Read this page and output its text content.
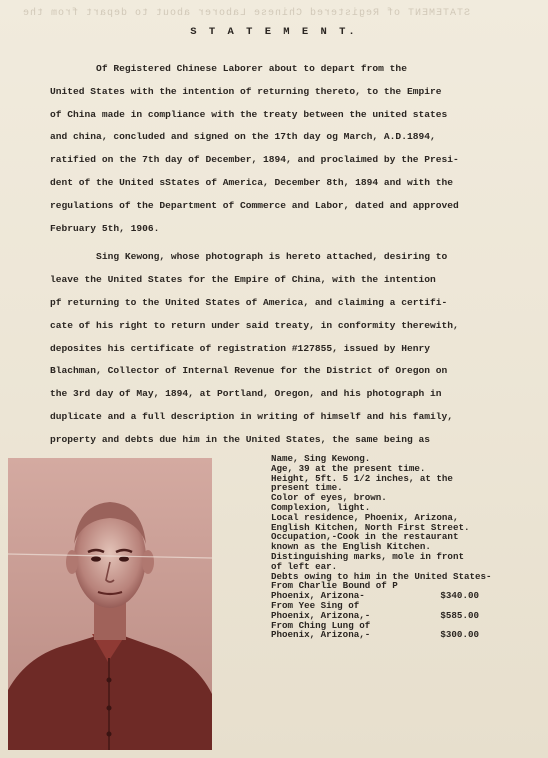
STATEMENT of Registered Chinese Laborer about to depart from the
S T A T E M E N T.
Of Registered Chinese Laborer about to depart from the
United States with the intention of returning thereto, to the Empire
of China made in compliance with the treaty between the united states
and china, concluded and signed on the 17th day og March, A.D.1894,
ratified on the 7th day of December, 1894, and proclaimed by the Presi-
dent of the United sStates of America, December 8th, 1894 and with the
regulations of the Department of Commerce and Labor, dated and approved
February 5th, 1906.
Sing Kewong, whose photograph is hereto attached, desiring to
leave the United States for the Empire of China, with the intention
pf returning to the United States of America, and claiming a certifi-
cate of his right to return under said treaty, in conformity therewith,
deposites his certificate of registration #127855, issued by Henry
Blachman, Collector of Internal Revenue for the District of Oregon on
the 3rd day of May, 1894, at Portland, Oregon, and his photograph in
duplicate and a full description in writing of himself and his family,
property and debts due him in the United States, the same being as
Name, Sing Kewong.
Age, 39 at the present time.
Height, 5ft. 5 1/2 inches, at the
present time.
Color of eyes, brown.
Complexion, light.
Local residence, Phoenix, Arizona,
English Kitchen, North First Street.
Occupation,-Cook in the restaurant
known as the English Kitchen.
Distinguishing marks, mole in front
of left ear.
Debts owing to him in the United States-
From Charlie Bound of P
Phoenix, Arizona-	$340.00
From Yee Sing of
Phoenix, Arizona,-	$585.00
From Ching Lung of
Phoenix, Arizona,-	$300.00
